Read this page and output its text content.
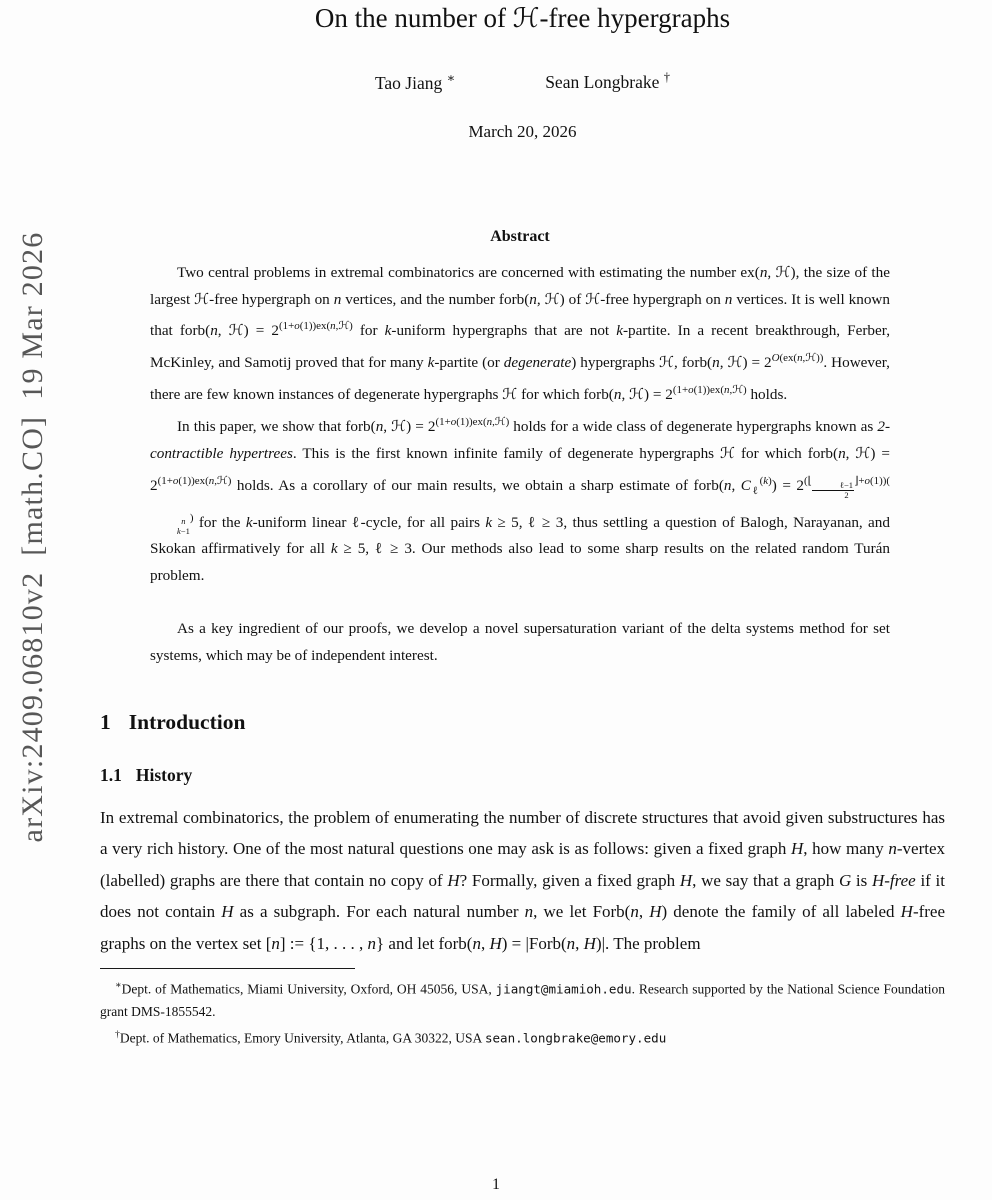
arXiv:2409.06810v2[math.CO]19 Mar 2026
On the number of ℋ-free hypergraphs
Tao Jiang ∗	Sean Longbrake †
March 20, 2026
Abstract

Two central problems in extremal combinatorics are concerned with estimating the number ex(n, ℋ), the size of the largest ℋ-free hypergraph on n vertices, and the number forb(n, ℋ) of ℋ-free hypergraph on n vertices. It is well known that forb(n, ℋ) = $2^{(1+o(1))ex(n,ℋ)}$ for k-uniform hypergraphs that are not k-partite. In a recent breakthrough, Ferber, McKinley, and Samotij proved that for many k-partite (or degenerate) hypergraphs ℋ, forb(n, ℋ) = $2^{O(ex(n,ℋ))}$. However, there are few known instances of degenerate hypergraphs ℋ for which forb(n, ℋ) = $2^{(1+o(1))ex(n,ℋ)}$ holds.

In this paper, we show that forb(n, ℋ) = $2^{(1+o(1))ex(n,ℋ)}$ holds for a wide class of degenerate hypergraphs known as 2-contractible hypertrees. This is the first known infinite family of degenerate hypergraphs ℋ for which forb(n, ℋ) = $2^{(1+o(1))ex(n,ℋ)}$ holds. As a corollary of our main results, we obtain a sharp estimate of forb(n, $C_\ell^{(k)}) = 2^{(⌊ \frac{\text{ℓ−1}}{2} ⌋+o(1))( n k-1 )}$ for the k-uniform linear ℓ-cycle, for all pairs k ≥ 5, ℓ ≥ 3, thus settling a question of Balogh, Narayanan, and Skokan affirmatively for all k ≥ 5, ℓ ≥ 3. Our methods also lead to some sharp results on the related random Turán problem.

As a key ingredient of our proofs, we develop a novel supersaturation variant of the delta systems method for set systems, which may be of independent interest.

1 Introduction
1.1 History

In extremal combinatorics, the problem of enumerating the number of discrete structures that avoid given substructures has a very rich history. One of the most natural questions one may ask is as follows: given a fixed graph H, how many n-vertex (labelled) graphs are there that contain no copy of H? Formally, given a fixed graph H, we say that a graph G is H-free if it does not contain H as a subgraph. For each natural number n, we let Forb(n, H) denote the family of all labeled H-free graphs on the vertex set [n] := {1, . . . , n} and let forb(n, H) = |Forb(n, H)|. The problem

∗Dept. of Mathematics, Miami University, Oxford, OH 45056, USA, jiangt@miamioh.edu. Research supported by the National Science Foundation grant DMS-1855542.

†Dept. of Mathematics, Emory University, Atlanta, GA 30322, USA sean.longbrake@emory.edu

1
